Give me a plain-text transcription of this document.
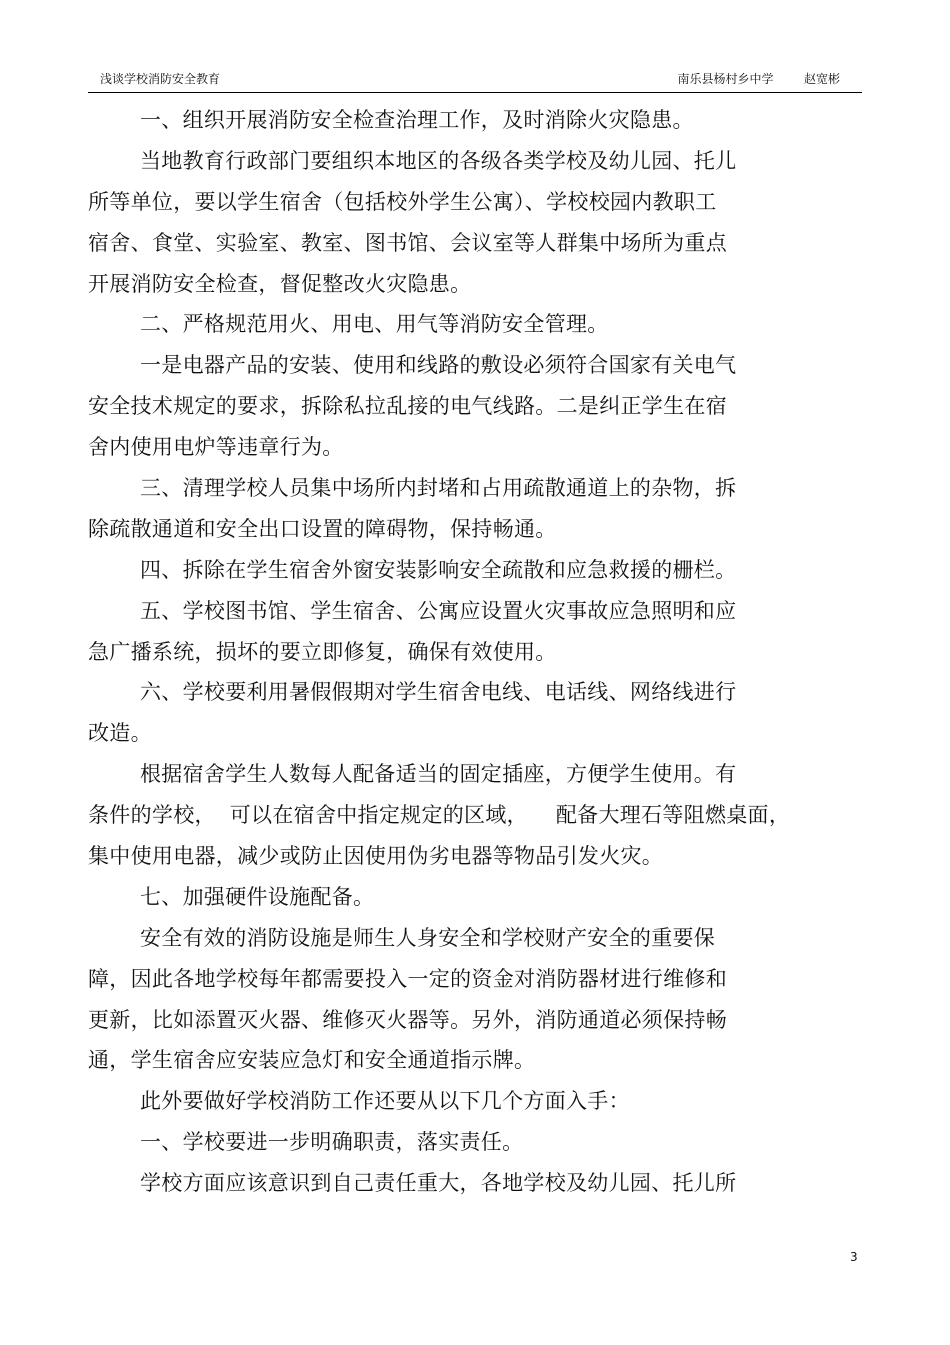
浅谈学校消防安全教育	南乐县杨村乡中学        赵宽彬
一、组织开展消防安全检查治理工作，及时消除火灾隐患。
当地教育行政部门要组织本地区的各级各类学校及幼儿园、托儿
所等单位，要以学生宿舍（包括校外学生公寓）、学校校园内教职工
宿舍、食堂、实验室、教室、图书馆、会议室等人群集中场所为重点
开展消防安全检查，督促整改火灾隐患。
二、严格规范用火、用电、用气等消防安全管理。
一是电器产品的安装、使用和线路的敷设必须符合国家有关电气
安全技术规定的要求，拆除私拉乱接的电气线路。二是纠正学生在宿
舍内使用电炉等违章行为。
三、清理学校人员集中场所内封堵和占用疏散通道上的杂物，拆
除疏散通道和安全出口设置的障碍物，保持畅通。
四、拆除在学生宿舍外窗安装影响安全疏散和应急救援的栅栏。
五、学校图书馆、学生宿舍、公寓应设置火灾事故应急照明和应
急广播系统，损坏的要立即修复，确保有效使用。
六、学校要利用暑假假期对学生宿舍电线、电话线、网络线进行
改造。
根据宿舍学生人数每人配备适当的固定插座，方便学生使用。有
条件的学校，  可以在宿舍中指定规定的区域，    配备大理石等阻燃桌面，
集中使用电器，减少或防止因使用伪劣电器等物品引发火灾。
七、加强硬件设施配备。
安全有效的消防设施是师生人身安全和学校财产安全的重要保
障，因此各地学校每年都需要投入一定的资金对消防器材进行维修和
更新，比如添置灭火器、维修灭火器等。另外，消防通道必须保持畅
通，学生宿舍应安装应急灯和安全通道指示牌。
此外要做好学校消防工作还要从以下几个方面入手：
一、学校要进一步明确职责，落实责任。
学校方面应该意识到自己责任重大，各地学校及幼儿园、托儿所
3
